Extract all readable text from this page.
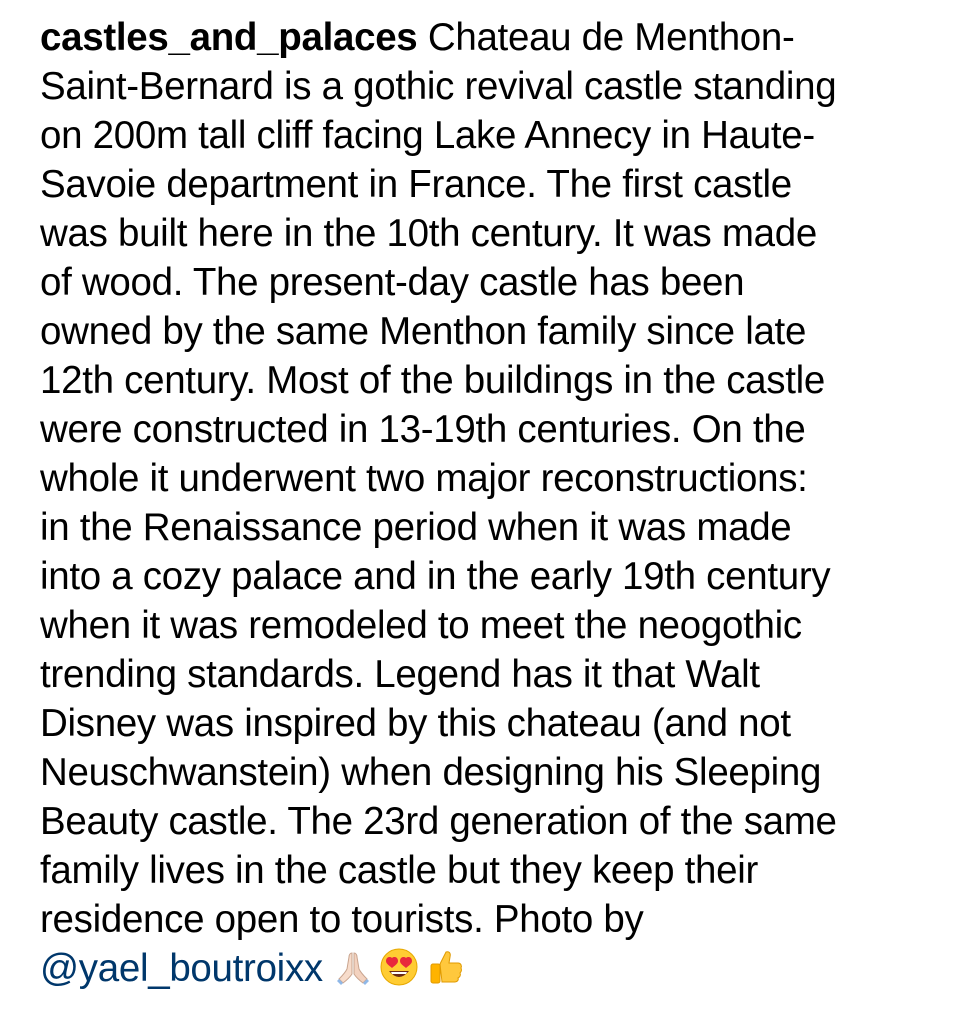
castles_and_palaces Chateau de Menthon-
Saint-Bernard is a gothic revival castle standing
on 200m tall cliff facing Lake Annecy in Haute-
Savoie department in France. The first castle
was built here in the 10th century. It was made
of wood. The present-day castle has been
owned by the same Menthon family since late
12th century. Most of the buildings in the castle
were constructed in 13-19th centuries. On the
whole it underwent two major reconstructions:
in the Renaissance period when it was made
into a cozy palace and in the early 19th century
when it was remodeled to meet the neogothic
trending standards. Legend has it that Walt
Disney was inspired by this chateau (and not
Neuschwanstein) when designing his Sleeping
Beauty castle. The 23rd generation of the same
family lives in the castle but they keep their
residence open to tourists. Photo by
@yael_boutroixx
